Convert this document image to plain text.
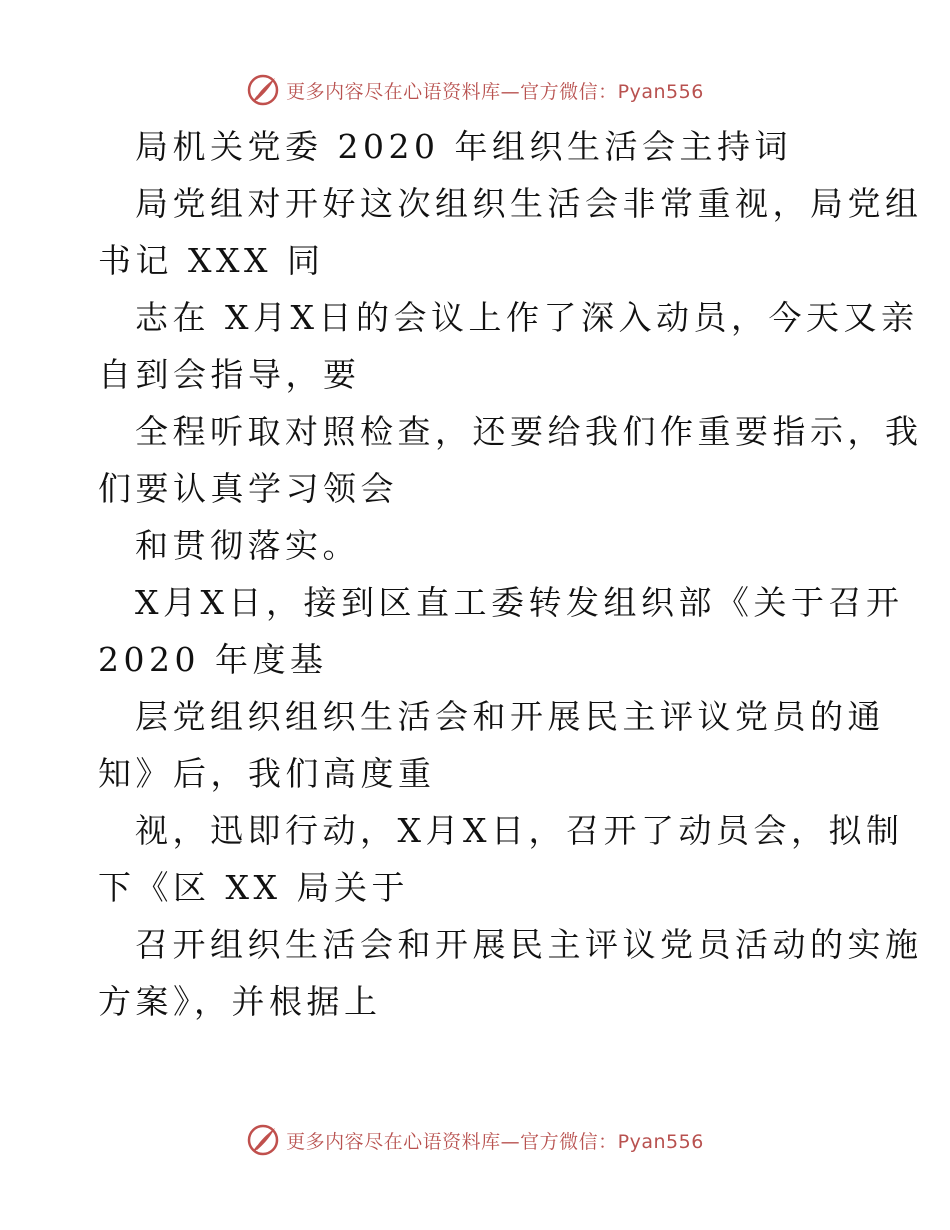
更多内容尽在心语资料库—官方微信：Pyan556
局机关党委 2020 年组织生活会主持词
局党组对开好这次组织生活会非常重视，局党组
书记 XXX 同
志在 X月X日的会议上作了深入动员，今天又亲
自到会指导，要
全程听取对照检查，还要给我们作重要指示，我
们要认真学习领会
和贯彻落实。
X月X日，接到区直工委转发组织部《关于召开
2020 年度基
层党组织组织生活会和开展民主评议党员的通
知》后，我们高度重
视，迅即行动，X月X日，召开了动员会，拟制
下《区 XX 局关于
召开组织生活会和开展民主评议党员活动的实施
方案》，并根据上
更多内容尽在心语资料库—官方微信：Pyan556
